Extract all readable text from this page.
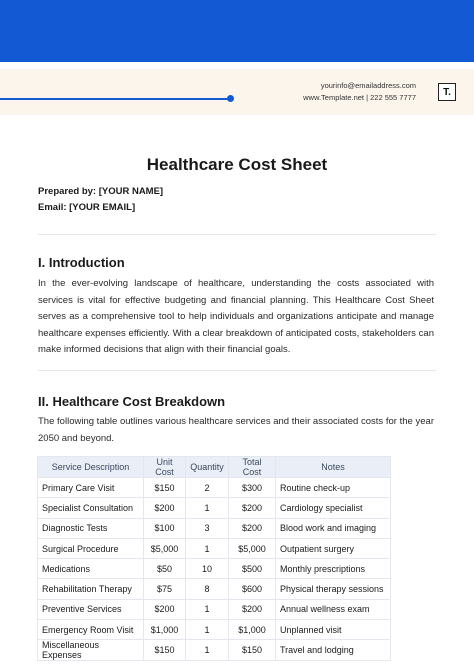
yourinfo@emailaddress.com
www.Template.net | 222 555 7777	T.
Healthcare Cost Sheet
Prepared by: [YOUR NAME]
Email: [YOUR EMAIL]
I. Introduction
In the ever-evolving landscape of healthcare, understanding the costs associated with services is vital for effective budgeting and financial planning. This Healthcare Cost Sheet serves as a comprehensive tool to help individuals and organizations anticipate and manage healthcare expenses efficiently. With a clear breakdown of anticipated costs, stakeholders can make informed decisions that align with their financial goals.
II. Healthcare Cost Breakdown
The following table outlines various healthcare services and their associated costs for the year 2050 and beyond.
Service Description	Unit Cost	Quantity	Total Cost	Notes
Primary Care Visit	$150	2	$300	Routine check-up
Specialist Consultation	$200	1	$200	Cardiology specialist
Diagnostic Tests	$100	3	$200	Blood work and imaging
Surgical Procedure	$5,000	1	$5,000	Outpatient surgery
Medications	$50	10	$500	Monthly prescriptions
Rehabilitation Therapy	$75	8	$600	Physical therapy sessions
Preventive Services	$200	1	$200	Annual wellness exam
Emergency Room Visit	$1,000	1	$1,000	Unplanned visit
Miscellaneous Expenses	$150	1	$150	Travel and lodging
